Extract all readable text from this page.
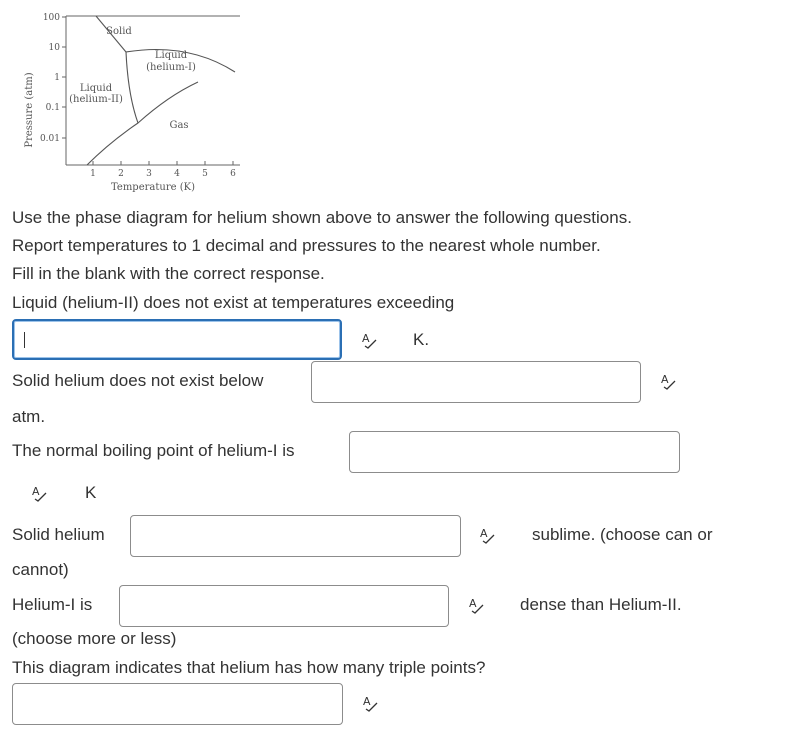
Pressure (atm)
100
10
1
0.1
0.01
1 2 3 4 5 6
Temperature (K)
Solid
Liquid
(helium-I)
Liquid
(helium-II)
Gas
Use the phase diagram for helium shown above to answer the following questions.
Report temperatures to 1 decimal and pressures to the nearest whole number.
Fill in the blank with the correct response.
Liquid (helium-II) does not exist at temperatures exceeding
A	K.
Solid helium does not exist below	A
atm.
The normal boiling point of helium-I is
A	K
Solid helium	A	sublime. (choose can or
cannot)
Helium-I is	A	dense than Helium-II.
(choose more or less)
This diagram indicates that helium has how many triple points?
A
